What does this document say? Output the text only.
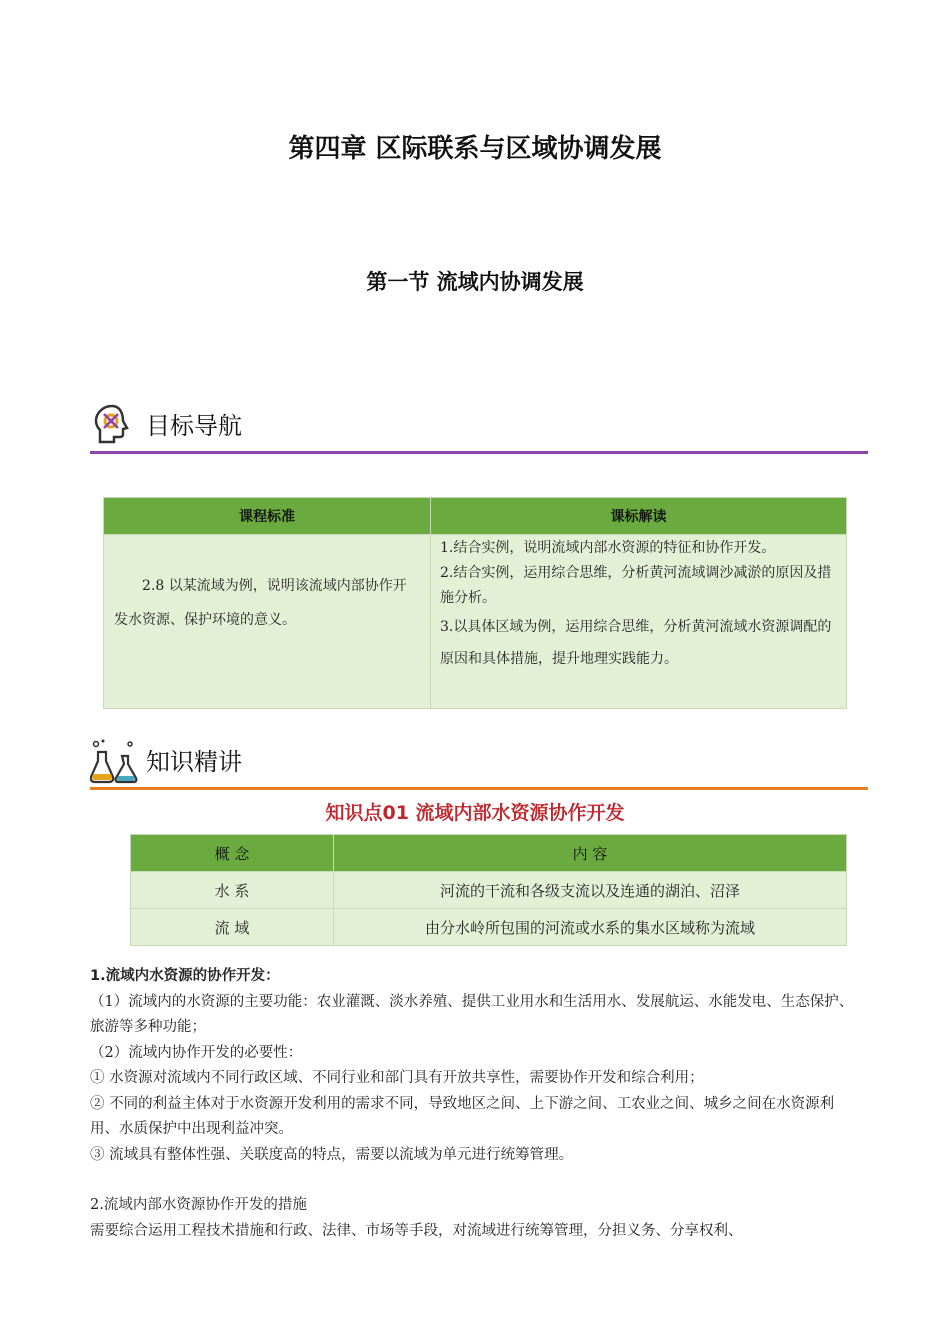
第四章 区际联系与区域协调发展
第一节 流域内协调发展
目标导航
课程标准	课标解读
2.8 以某流域为例，说明该流域内部协作开发水资源、保护环境的意义。	1.结合实例，说明流域内部水资源的特征和协作开发。

2.结合实例，运用综合思维，分析黄河流域调沙减淤的原因及措施分析。

3.以具体区域为例，运用综合思维，分析黄河流域水资源调配的原因和具体措施，提升地理实践能力。

知识精讲
知识点01 流域内部水资源协作开发
概 念	内 容
水 系	河流的干流和各级支流以及连通的湖泊、沼泽
流 域	由分水岭所包围的河流或水系的集水区域称为流域

1.流域内水资源的协作开发：

（1）流域内的水资源的主要功能：农业灌溉、淡水养殖、提供工业用水和生活用水、发展航运、水能发电、生态保护、旅游等多种功能；

（2）流域内协作开发的必要性：

① 水资源对流域内不同行政区域、不同行业和部门具有开放共享性，需要协作开发和综合利用；

② 不同的利益主体对于水资源开发利用的需求不同，导致地区之间、上下游之间、工农业之间、城乡之间在水资源利用、水质保护中出现利益冲突。

③ 流域具有整体性强、关联度高的特点，需要以流域为单元进行统筹管理。

2.流域内部水资源协作开发的措施

需要综合运用工程技术措施和行政、法律、市场等手段，对流域进行统筹管理，分担义务、分享权利、
